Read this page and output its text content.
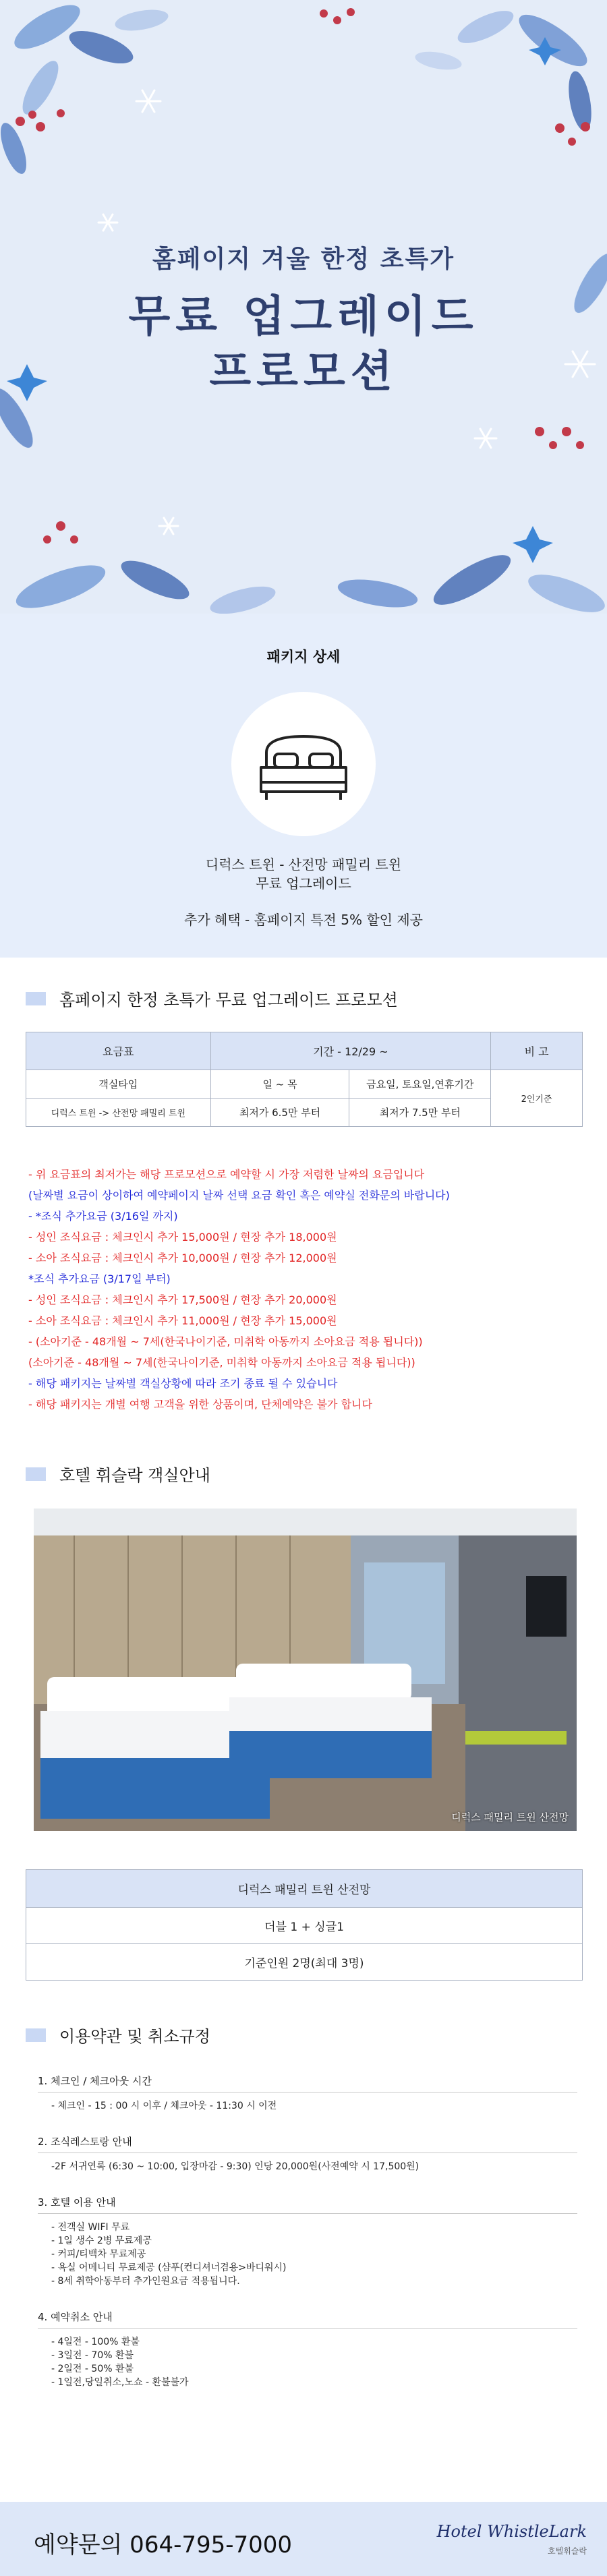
홈페이지 겨울 한정 초특가
무료 업그레이드
프로모션
패키지 상세
디럭스 트윈 - 산전망 패밀리 트윈
무료 업그레이드
추가 혜택 - 홈페이지 특전 5% 할인 제공
홈페이지 한정 초특가 무료 업그레이드 프로모션
요금표	기간 - 12/29 ~		비 고
객실타입	일 ~ 목	금요일, 토요일,연휴기간	2인기준
디럭스 트윈 -> 산전망 패밀리 트윈	최저가 6.5만 부터	최저가 7.5만 부터	
- 위 요금표의 최저가는 해당 프로모션으로 예약할 시 가장 저렴한 날짜의 요금입니다
(날짜별 요금이 상이하여 예약페이지 날짜 선택 요금 확인 혹은 예약실 전화문의 바랍니다)
- *조식 추가요금 (3/16일 까지)
- 성인 조식요금 : 체크인시 추가 15,000원 / 현장 추가 18,000원
- 소아 조식요금 : 체크인시 추가 10,000원 / 현장 추가 12,000원
*조식 추가요금 (3/17일 부터)
- 성인 조식요금 : 체크인시 추가 17,500원 / 현장 추가 20,000원
- 소아 조식요금 : 체크인시 추가 11,000원 / 현장 추가 15,000원
- (소아기준 - 48개월 ~ 7세(한국나이기준, 미취학 아동까지 소아요금 적용 됩니다))
(소아기준 - 48개월 ~ 7세(한국나이기준, 미취학 아동까지 소아요금 적용 됩니다))
- 해당 패키지는 날짜별 객실상황에 따라 조기 종료 될 수 있습니다
- 해당 패키지는 개별 여행 고객을 위한 상품이며, 단체예약은 불가 합니다
호텔 휘슬락 객실안내
디럭스 패밀리 트윈 산전망
디럭스 패밀리 트윈 산전망
더블 1 + 싱글1
기준인원 2명(최대 3명)
이용약관 및 취소규정
1. 체크인 / 체크아웃 시간
- 체크인 - 15 : 00 시 이후 / 체크아웃 - 11:30 시 이전
2. 조식레스토랑 안내
-2F 서귀연록 (6:30 ~ 10:00, 입장마감 - 9:30) 인당 20,000원(사전예약 시 17,500원)
3. 호텔 이용 안내
- 전객실 WIFI 무료
- 1일 생수 2병 무료제공
- 커피/티백차 무료제공
- 욕실 어메니티 무료제공 (샴푸(컨디셔너겸용>바디워시)
- 8세 취학아동부터 추가인원요금 적용됩니다.
4. 예약취소 안내
- 4일전 - 100% 환불
- 3일전 - 70% 환불
- 2일전 - 50% 환불
- 1일전,당일취소,노쇼 - 환불불가
예약문의 064-795-7000	Hotel WhistleLark
호텔휘슬락
